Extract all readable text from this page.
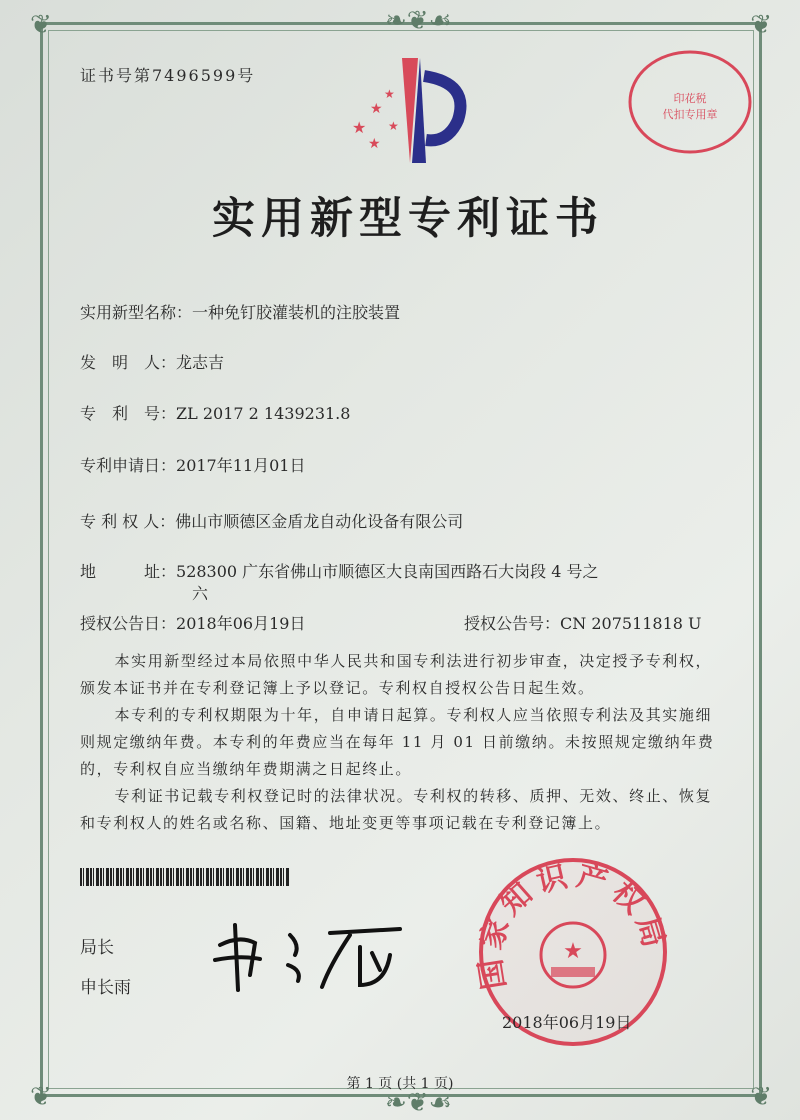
❦	❦
❦	❦
❧❦☙
❧❦☙
证书号第7496599号
★
★
★
★
★
印花税
代扣专用章
实用新型专利证书
实用新型名称：一种免钉胶灌装机的注胶装置
发　明　人：龙志吉
专　利　号：ZL 2017 2 1439231.8
专利申请日：2017年11月01日
专 利 权 人：佛山市顺德区金盾龙自动化设备有限公司
地　　　址：528300 广东省佛山市顺德区大良南国西路石大岗段 4 号之
六
授权公告日：2018年06月19日	授权公告号：CN 207511818 U
本实用新型经过本局依照中华人民共和国专利法进行初步审查，决定授予专利权，颁发本证书并在专利登记簿上予以登记。专利权自授权公告日起生效。
本专利的专利权期限为十年，自申请日起算。专利权人应当依照专利法及其实施细则规定缴纳年费。本专利的年费应当在每年 11 月 01 日前缴纳。未按照规定缴纳年费的，专利权自应当缴纳年费期满之日起终止。
专利证书记载专利权登记时的法律状况。专利权的转移、质押、无效、终止、恢复和专利权人的姓名或名称、国籍、地址变更等事项记载在专利登记簿上。
局长
申长雨	国家知识产权局
★
2018年06月19日
第 1 页 (共 1 页)
